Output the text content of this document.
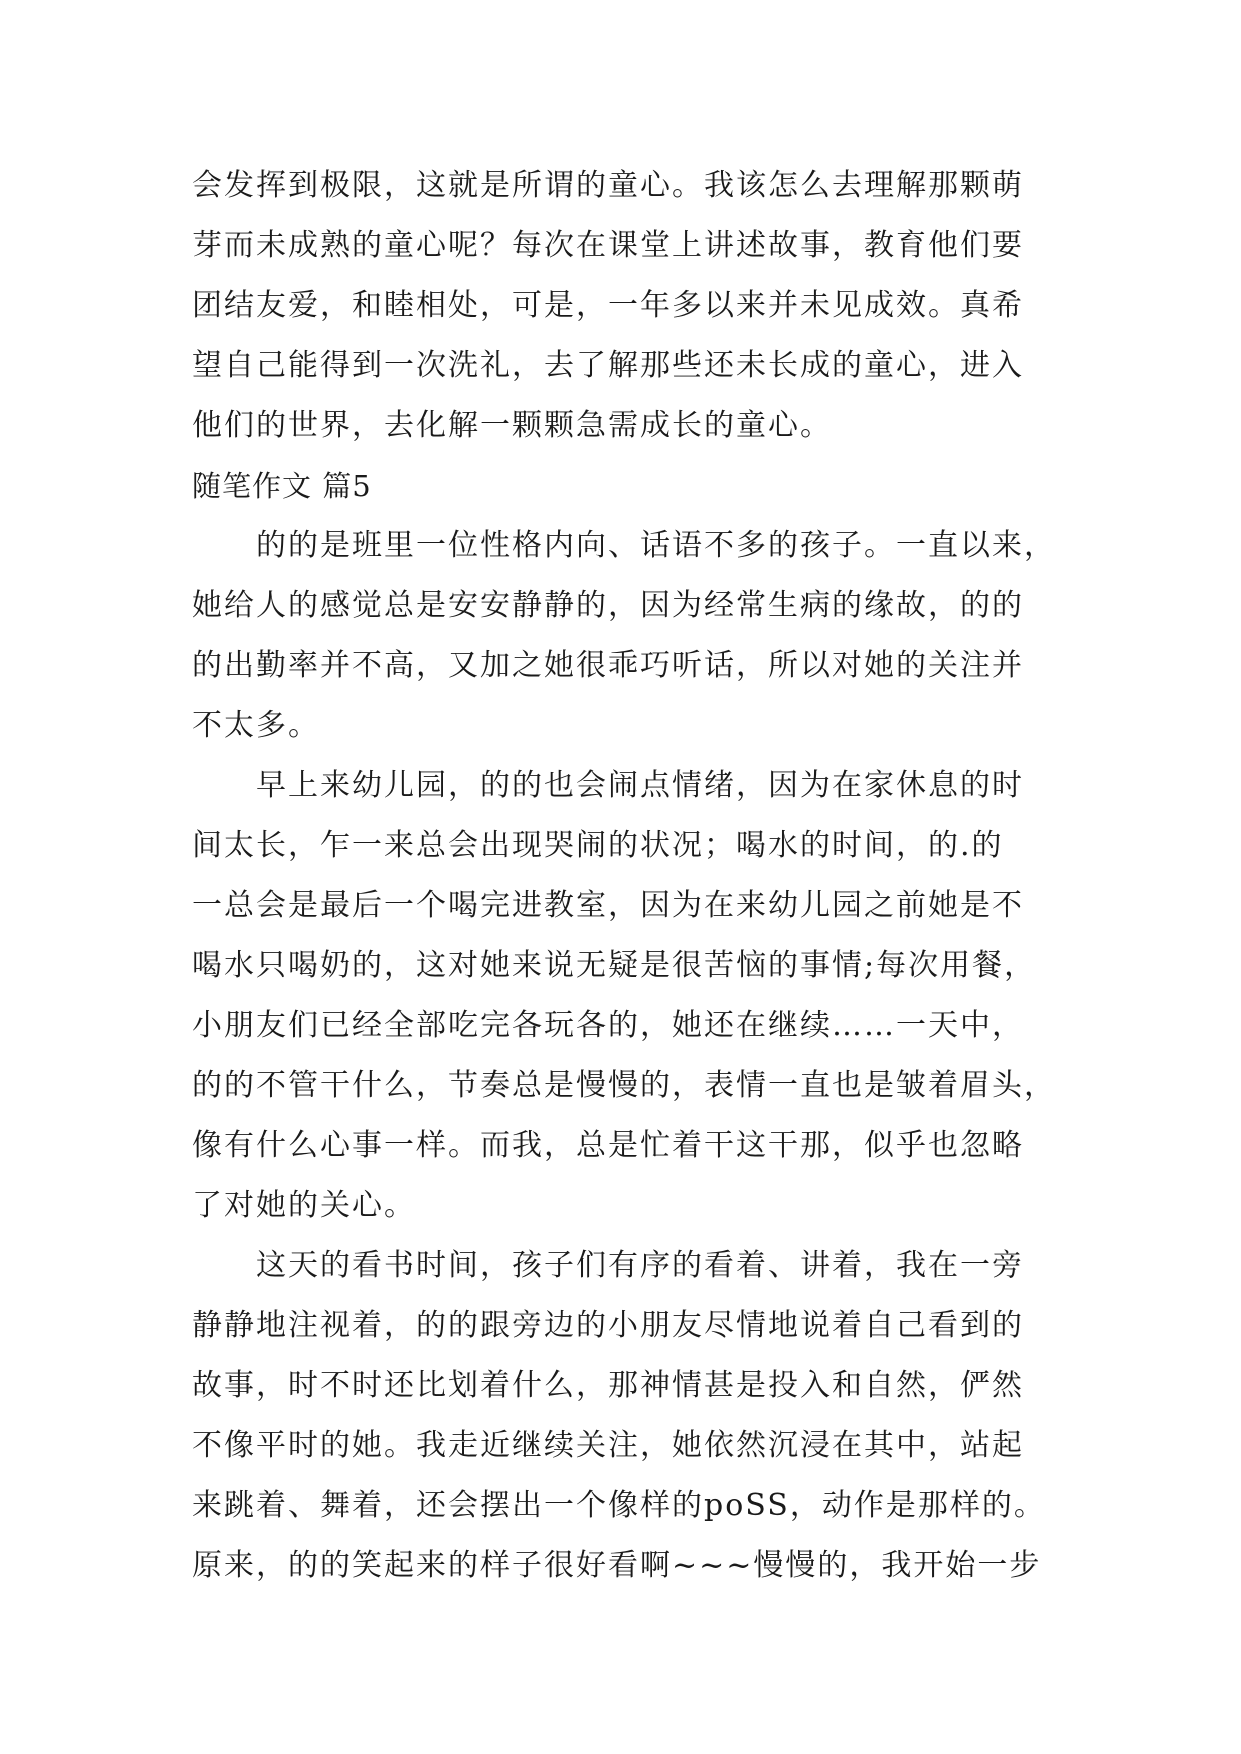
会发挥到极限，这就是所谓的童心。我该怎么去理解那颗萌
芽而未成熟的童心呢？每次在课堂上讲述故事，教育他们要
团结友爱，和睦相处，可是，一年多以来并未见成效。真希
望自己能得到一次洗礼，去了解那些还未长成的童心，进入
他们的世界，去化解一颗颗急需成长的童心。
随笔作文 篇5
的的是班里一位性格内向、话语不多的孩子。一直以来，
她给人的感觉总是安安静静的，因为经常生病的缘故，的的
的出勤率并不高，又加之她很乖巧听话，所以对她的关注并
不太多。
早上来幼儿园，的的也会闹点情绪，因为在家休息的时
间太长，乍一来总会出现哭闹的状况；喝水的时间，的.的
一总会是最后一个喝完进教室，因为在来幼儿园之前她是不
喝水只喝奶的，这对她来说无疑是很苦恼的事情;每次用餐，
小朋友们已经全部吃完各玩各的，她还在继续……一天中，
的的不管干什么，节奏总是慢慢的，表情一直也是皱着眉头，
像有什么心事一样。而我，总是忙着干这干那，似乎也忽略
了对她的关心。
这天的看书时间，孩子们有序的看着、讲着，我在一旁
静静地注视着，的的跟旁边的小朋友尽情地说着自己看到的
故事，时不时还比划着什么，那神情甚是投入和自然，俨然
不像平时的她。我走近继续关注，她依然沉浸在其中，站起
来跳着、舞着，还会摆出一个像样的poSS，动作是那样的。
原来，的的笑起来的样子很好看啊~~~慢慢的，我开始一步
